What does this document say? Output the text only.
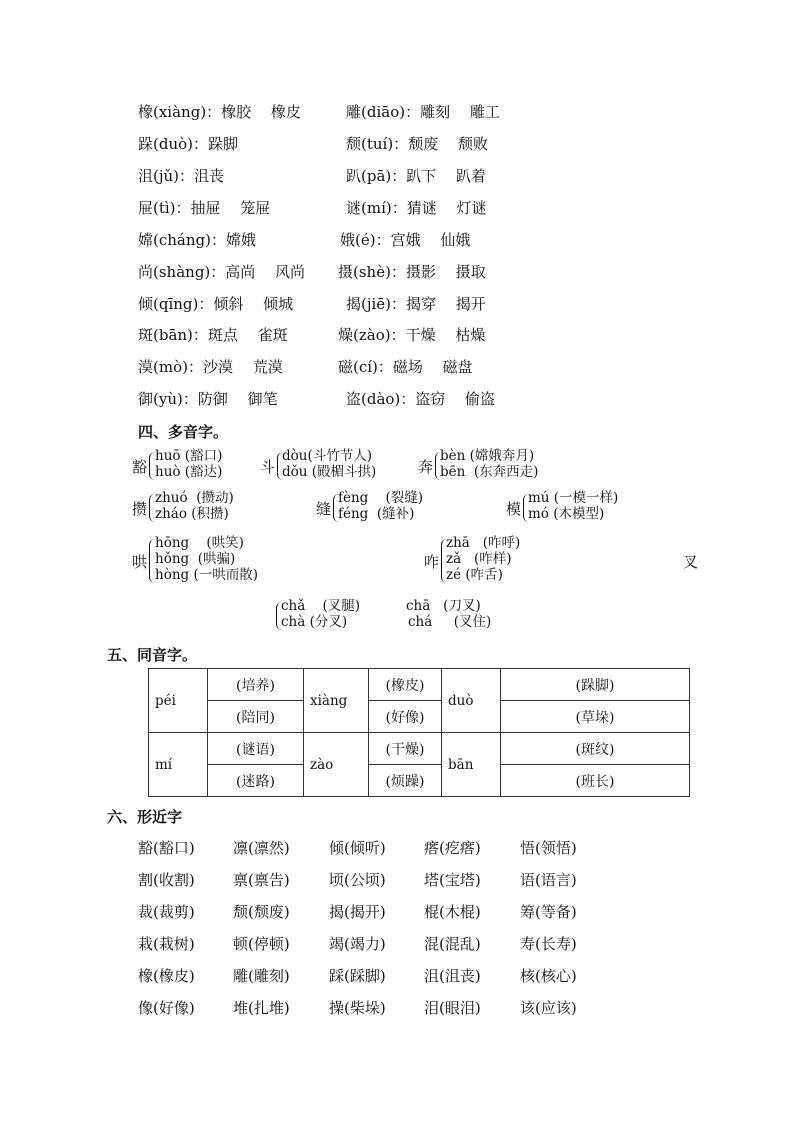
橡(xiàng)：橡胶　 橡皮	雕(diāo)：雕刻　 雕工
跺(duò)：跺脚	颓(tuí)：颓废　 颓败
沮(jǔ)：沮丧	趴(pā)：趴下　 趴着
屉(tì)：抽屉　 笼屉	谜(mí)：猜谜　 灯谜
嫦(cháng)：嫦娥	娥(é)：宫娥　 仙娥
尚(shàng)：高尚　 风尚 摄(shè)：摄影　 摄取
倾(qīng)：倾斜　 倾城	揭(jiē)：揭穿　 揭开
斑(bān)：斑点　 雀斑	燥(zào)：干燥　 枯燥
漠(mò)：沙漠　 荒漠	磁(cí)：磁场　 磁盘
御(yù)：防御　 御笔	盗(dào)：盗窃　 偷盗
四、多音字。
豁
huō (豁口)
huò (豁达)	斗
dòu(斗竹节人)
dǒu (殿楣斗拱)	奔
bèn (嫦娥奔月)
bēn  (东奔西走)
攒
zhuó  (攒动)
zháo (积攒)	缝
fèng    (裂缝)
féng  (缝补)	模
mú (一模一样)
mó (木模型)
哄
hōng    (哄笑)
hǒng  (哄骗)
hòng (一哄而散)
咋
zhā   (咋呼)
zǎ   (咋样)
zé (咋舌)
叉
chǎ    (叉腿)
chà (分叉)
chā   (刀叉)
chá     (叉住)
五、同音字。
péi	(培养)	xiàng	(橡皮)	duò	(跺脚)
	(陪同)		(好像)		(草垛)
mí	(谜语)	zào	(干燥)	bān	(斑纹)
	(迷路)		(烦躁)		(班长)
六、形近字
豁(豁口)	凛(凛然)	倾(倾听)	瘩(疙瘩)	悟(领悟)
割(收割)	禀(禀告)	顷(公顷)	塔(宝塔)	语(语言)
裁(裁剪)	颓(颓废)	揭(揭开)	棍(木棍)	筹(等备)
栽(栽树)	顿(停顿)	竭(竭力)	混(混乱)	寿(长寿)
橡(橡皮)	雕(雕刻)	踩(踩脚)	沮(沮丧)	核(核心)
像(好像)	堆(扎堆)	操(柴垛)	泪(眼泪)	该(应该)
